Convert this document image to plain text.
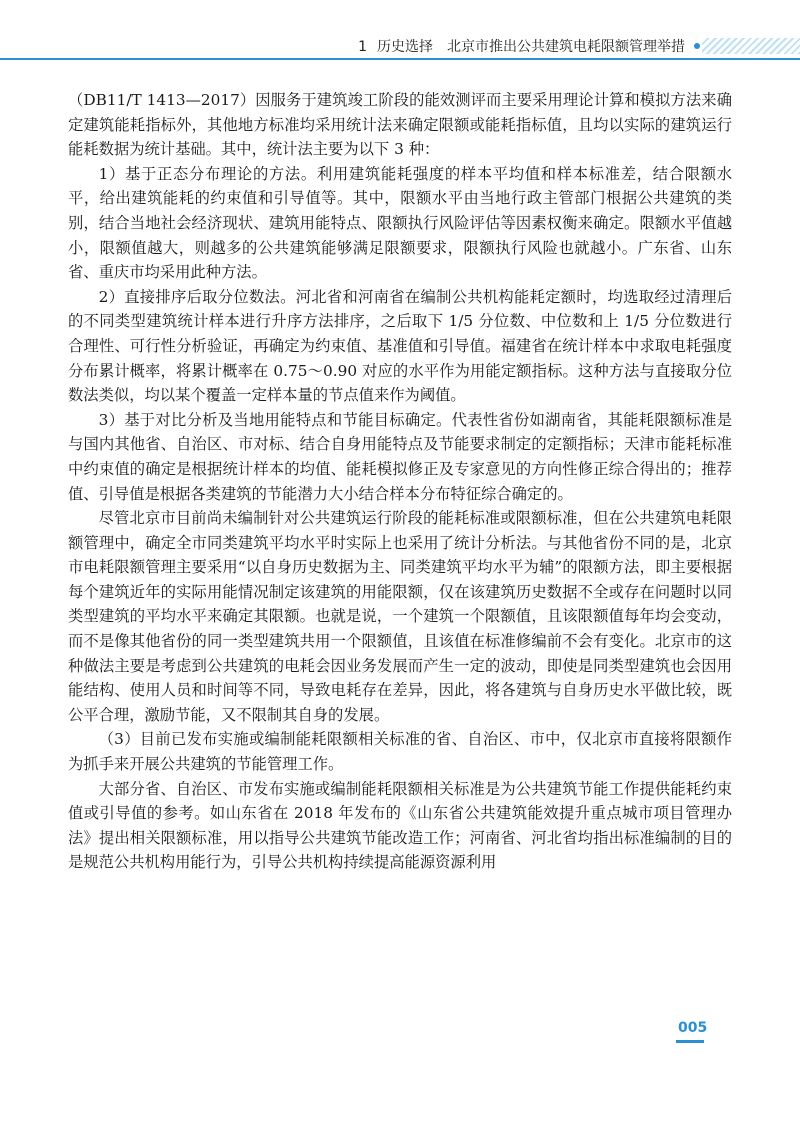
1 历史选择 北京市推出公共建筑电耗限额管理举措

（DB11/T 1413—2017）因服务于建筑竣工阶段的能效测评而主要采用理论计算和模拟方法来确定建筑能耗指标外，其他地方标准均采用统计法来确定限额或能耗指标值，且均以实际的建筑运行能耗数据为统计基础。其中，统计法主要为以下 3 种：

1）基于正态分布理论的方法。利用建筑能耗强度的样本平均值和样本标准差，结合限额水平，给出建筑能耗的约束值和引导值等。其中，限额水平由当地行政主管部门根据公共建筑的类别，结合当地社会经济现状、建筑用能特点、限额执行风险评估等因素权衡来确定。限额水平值越小，限额值越大，则越多的公共建筑能够满足限额要求，限额执行风险也就越小。广东省、山东省、重庆市均采用此种方法。

2）直接排序后取分位数法。河北省和河南省在编制公共机构能耗定额时，均选取经过清理后的不同类型建筑统计样本进行升序方法排序，之后取下 1/5 分位数、中位数和上 1/5 分位数进行合理性、可行性分析验证，再确定为约束值、基准值和引导值。福建省在统计样本中求取电耗强度分布累计概率，将累计概率在 0.75～0.90 对应的水平作为用能定额指标。这种方法与直接取分位数法类似，均以某个覆盖一定样本量的节点值来作为阈值。

3）基于对比分析及当地用能特点和节能目标确定。代表性省份如湖南省，其能耗限额标准是与国内其他省、自治区、市对标、结合自身用能特点及节能要求制定的定额指标；天津市能耗标准中约束值的确定是根据统计样本的均值、能耗模拟修正及专家意见的方向性修正综合得出的；推荐值、引导值是根据各类建筑的节能潜力大小结合样本分布特征综合确定的。

尽管北京市目前尚未编制针对公共建筑运行阶段的能耗标准或限额标准，但在公共建筑电耗限额管理中，确定全市同类建筑平均水平时实际上也采用了统计分析法。与其他省份不同的是，北京市电耗限额管理主要采用“以自身历史数据为主、同类建筑平均水平为辅”的限额方法，即主要根据每个建筑近年的实际用能情况制定该建筑的用能限额，仅在该建筑历史数据不全或存在问题时以同类型建筑的平均水平来确定其限额。也就是说，一个建筑一个限额值，且该限额值每年均会变动，而不是像其他省份的同一类型建筑共用一个限额值，且该值在标准修编前不会有变化。北京市的这种做法主要是考虑到公共建筑的电耗会因业务发展而产生一定的波动，即使是同类型建筑也会因用能结构、使用人员和时间等不同，导致电耗存在差异，因此，将各建筑与自身历史水平做比较，既公平合理，激励节能，又不限制其自身的发展。

（3）目前已发布实施或编制能耗限额相关标准的省、自治区、市中，仅北京市直接将限额作为抓手来开展公共建筑的节能管理工作。

大部分省、自治区、市发布实施或编制能耗限额相关标准是为公共建筑节能工作提供能耗约束值或引导值的参考。如山东省在 2018 年发布的《山东省公共建筑能效提升重点城市项目管理办法》提出相关限额标准，用以指导公共建筑节能改造工作；河南省、河北省均指出标准编制的目的是规范公共机构用能行为，引导公共机构持续提高能源资源利用

005
